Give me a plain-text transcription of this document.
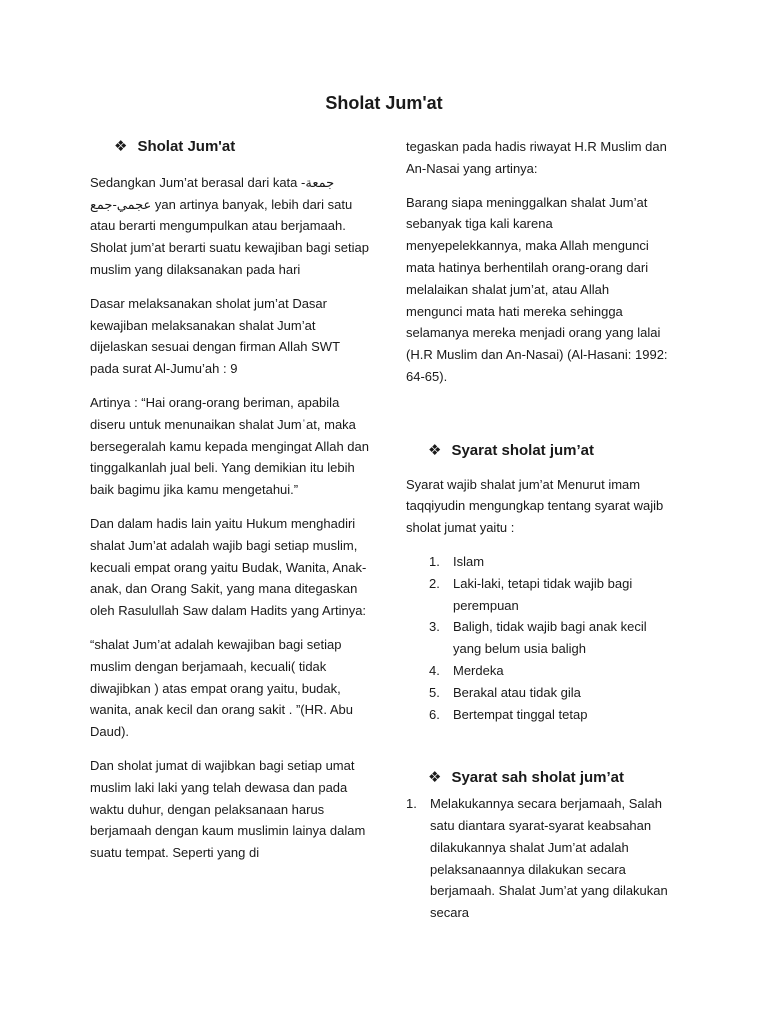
Sholat Jum'at
❖ Sholat Jum'at

Sedangkan Jum’at berasal dari kata -جمعة عجمي-جمع yan artinya banyak, lebih dari satu atau berarti mengumpulkan atau berjamaah. Sholat jum’at berarti suatu kewajiban bagi setiap muslim yang dilaksanakan pada hari

Dasar melaksanakan sholat jum’at Dasar kewajiban melaksanakan shalat Jum’at dijelaskan sesuai dengan firman Allah SWT pada surat Al-Jumu’ah : 9

Artinya : “Hai orang-orang beriman, apabila diseru untuk menunaikan shalat Jumˈat, maka bersegeralah kamu kepada mengingat Allah dan tinggalkanlah jual beli. Yang demikian itu lebih baik bagimu jika kamu mengetahui.”

Dan dalam hadis lain yaitu Hukum menghadiri shalat Jum’at adalah wajib bagi setiap muslim, kecuali empat orang yaitu Budak, Wanita, Anak-anak, dan Orang Sakit, yang mana ditegaskan oleh Rasulullah Saw dalam Hadits yang Artinya:

“shalat Jum’at adalah kewajiban bagi setiap muslim dengan berjamaah, kecuali( tidak diwajibkan ) atas empat orang yaitu, budak, wanita, anak kecil dan orang sakit . ”(HR. Abu Daud).

Dan sholat jumat di wajibkan bagi setiap umat muslim laki laki yang telah dewasa dan pada waktu duhur, dengan pelaksanaan harus berjamaah dengan kaum muslimin lainya dalam suatu tempat. Seperti yang di

tegaskan pada hadis riwayat H.R Muslim dan An-Nasai yang artinya:

Barang siapa meninggalkan shalat Jum’at sebanyak tiga kali karena menyepelekkannya, maka Allah mengunci mata hatinya berhentilah orang-orang dari melalaikan shalat jum’at, atau Allah mengunci mata hati mereka sehingga selamanya mereka menjadi orang yang lalai (H.R Muslim dan An-Nasai) (Al-Hasani: 1992: 64-65).

❖ Syarat sholat jum’at

Syarat wajib shalat jum’at Menurut imam taqqiyudin mengungkap tentang syarat wajib sholat jumat yaitu :

1.	Islam
2.	Laki-laki, tetapi tidak wajib bagi perempuan
3.	Baligh, tidak wajib bagi anak kecil yang belum usia baligh
4.	Merdeka
5.	Berakal atau tidak gila
6.	Bertempat tinggal tetap
❖ Syarat sah sholat jum’at
1.	Melakukannya secara berjamaah, Salah satu diantara syarat-syarat keabsahan dilakukannya shalat Jum’at adalah pelaksanaannya dilakukan secara berjamaah. Shalat Jum’at yang dilakukan secara
